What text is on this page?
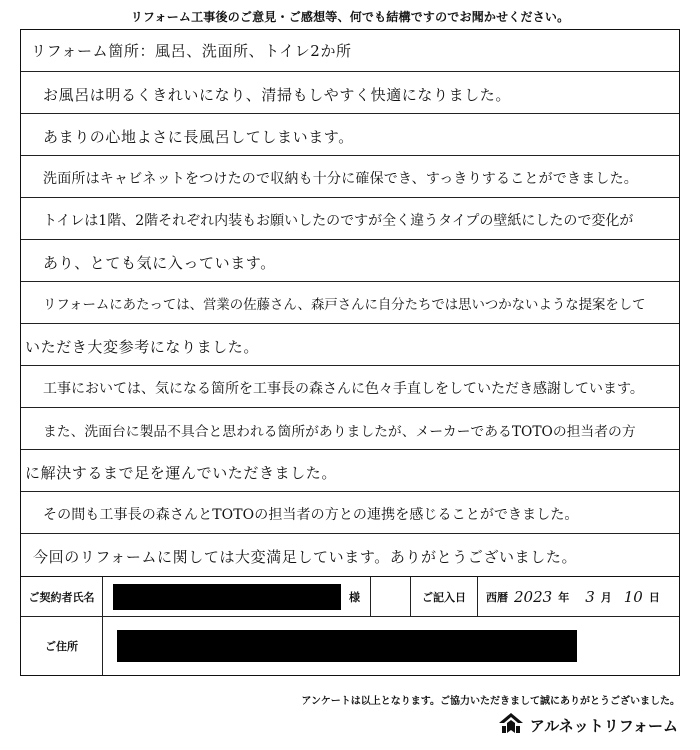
リフォーム工事後のご意見・ご感想等、何でも結構ですのでお聞かせください。
リフォーム箇所：風呂、洗面所、トイレ2か所
お風呂は明るくきれいになり、清掃もしやすく快適になりました。
あまりの心地よさに長風呂してしまいます。
洗面所はキャビネットをつけたので収納も十分に確保でき、すっきりすることができました。
トイレは1階、2階それぞれ内装もお願いしたのですが全く違うタイプの壁紙にしたので変化が
あり、とても気に入っています。
リフォームにあたっては、営業の佐藤さん、森戸さんに自分たちでは思いつかないような提案をして
いただき大変参考になりました。
工事においては、気になる箇所を工事長の森さんに色々手直しをしていただき感謝しています。
また、洗面台に製品不具合と思われる箇所がありましたが、メーカーであるTOTOの担当者の方
に解決するまで足を運んでいただきました。
その間も工事長の森さんとTOTOの担当者の方との連携を感じることができました。
今回のリフォームに関しては大変満足しています。ありがとうございました。
ご契約者氏名	様	ご記入日	西暦 2023 年 3 月 10 日
ご住所
アンケートは以上となります。ご協力いただきまして誠にありがとうございました。
アルネットリフォーム
